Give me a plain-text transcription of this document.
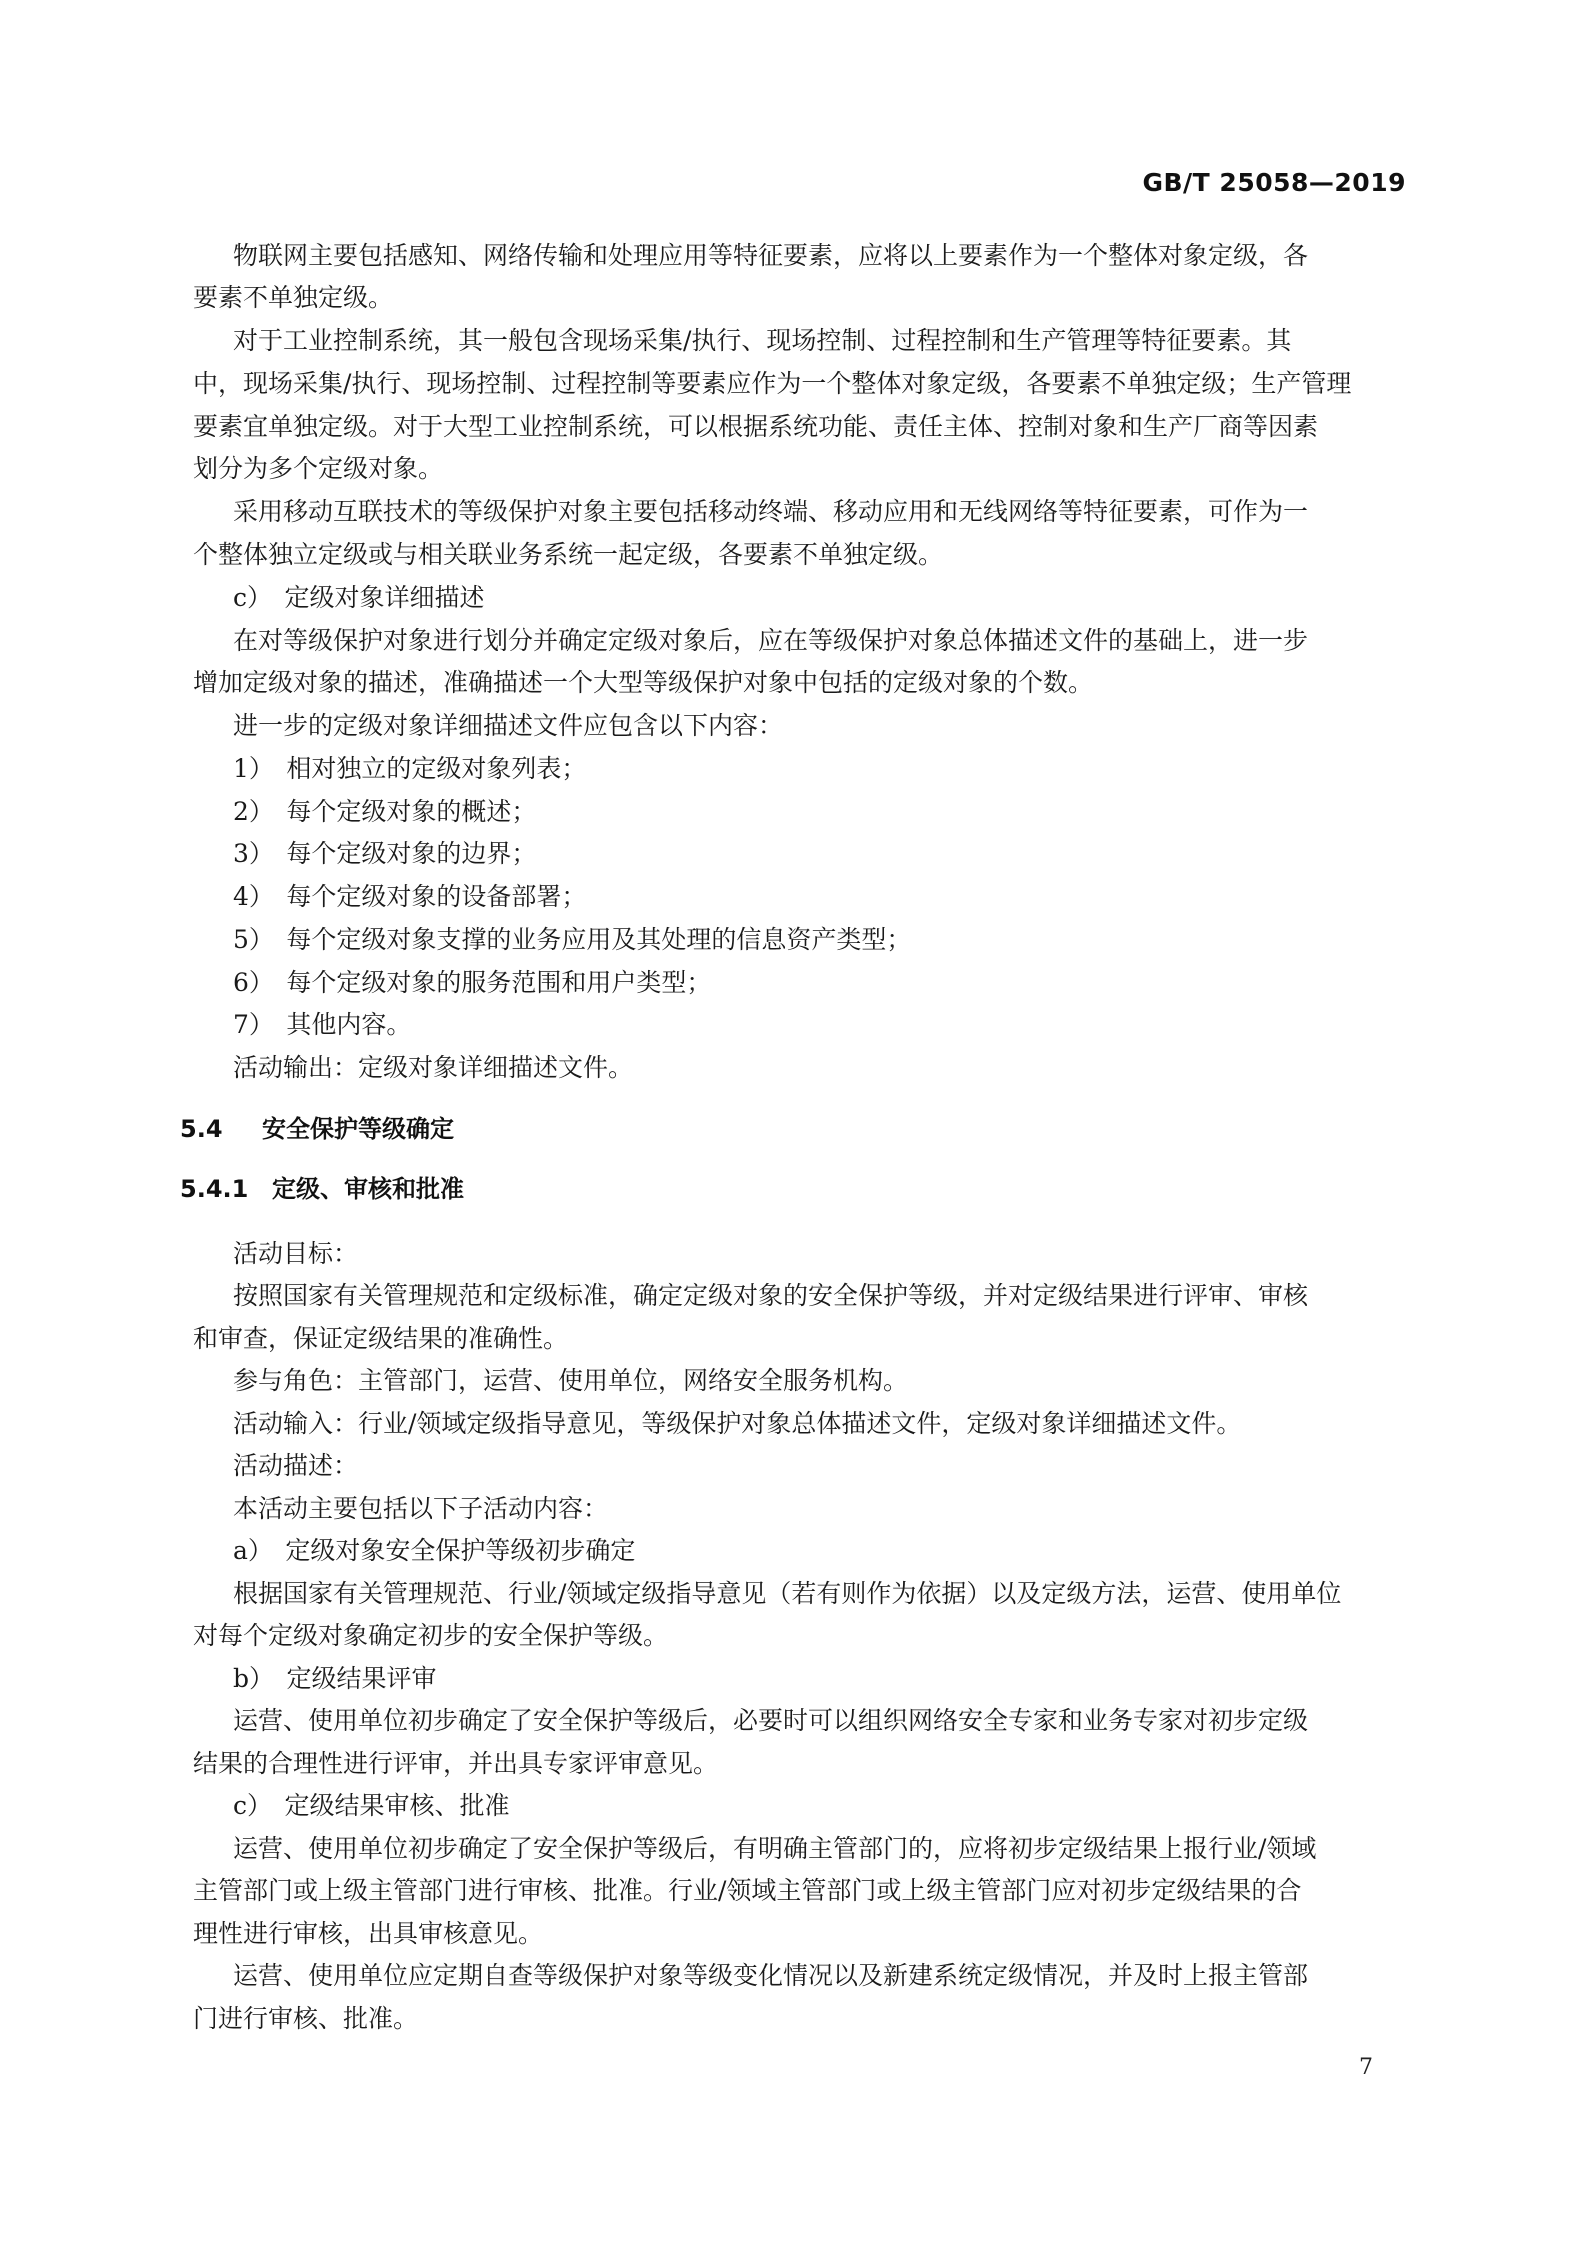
GB/T 25058—2019
物联网主要包括感知、网络传输和处理应用等特征要素，应将以上要素作为一个整体对象定级，各
要素不单独定级。
对于工业控制系统，其一般包含现场采集/执行、现场控制、过程控制和生产管理等特征要素。其
中，现场采集/执行、现场控制、过程控制等要素应作为一个整体对象定级，各要素不单独定级；生产管理
要素宜单独定级。对于大型工业控制系统，可以根据系统功能、责任主体、控制对象和生产厂商等因素
划分为多个定级对象。
采用移动互联技术的等级保护对象主要包括移动终端、移动应用和无线网络等特征要素，可作为一
个整体独立定级或与相关联业务系统一起定级，各要素不单独定级。
c）　定级对象详细描述
在对等级保护对象进行划分并确定定级对象后，应在等级保护对象总体描述文件的基础上，进一步
增加定级对象的描述，准确描述一个大型等级保护对象中包括的定级对象的个数。
进一步的定级对象详细描述文件应包含以下内容：
1）　相对独立的定级对象列表；
2）　每个定级对象的概述；
3）　每个定级对象的边界；
4）　每个定级对象的设备部署；
5）　每个定级对象支撑的业务应用及其处理的信息资产类型；
6）　每个定级对象的服务范围和用户类型；
7）　其他内容。
活动输出：定级对象详细描述文件。
5.4 安全保护等级确定
5.4.1 定级、审核和批准
活动目标：
按照国家有关管理规范和定级标准，确定定级对象的安全保护等级，并对定级结果进行评审、审核
和审查，保证定级结果的准确性。
参与角色：主管部门，运营、使用单位，网络安全服务机构。
活动输入：行业/领域定级指导意见，等级保护对象总体描述文件，定级对象详细描述文件。
活动描述：
本活动主要包括以下子活动内容：
a）　定级对象安全保护等级初步确定
根据国家有关管理规范、行业/领域定级指导意见（若有则作为依据）以及定级方法，运营、使用单位
对每个定级对象确定初步的安全保护等级。
b）　定级结果评审
运营、使用单位初步确定了安全保护等级后，必要时可以组织网络安全专家和业务专家对初步定级
结果的合理性进行评审，并出具专家评审意见。
c）　定级结果审核、批准
运营、使用单位初步确定了安全保护等级后，有明确主管部门的，应将初步定级结果上报行业/领域
主管部门或上级主管部门进行审核、批准。行业/领域主管部门或上级主管部门应对初步定级结果的合
理性进行审核，出具审核意见。
运营、使用单位应定期自查等级保护对象等级变化情况以及新建系统定级情况，并及时上报主管部
门进行审核、批准。
7
